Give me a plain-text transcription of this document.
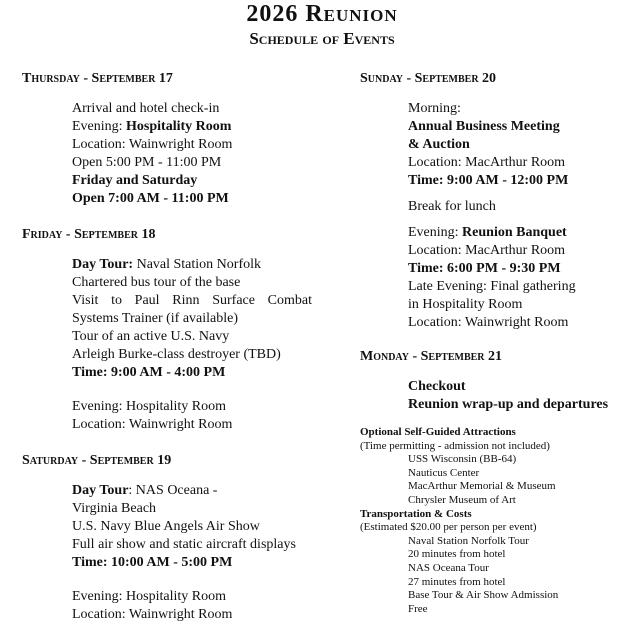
2026 Reunion
Schedule of Events
Thursday - September 17
Arrival and hotel check-in
Evening: Hospitality Room
Location: Wainwright Room
Open 5:00 PM - 11:00 PM
Friday and Saturday
Open 7:00 AM - 11:00 PM
Friday - September 18
Day Tour: Naval Station Norfolk
Chartered bus tour of the base
Visit to Paul Rinn Surface Combat
Systems Trainer (if available)
Tour of an active U.S. Navy
Arleigh Burke-class destroyer (TBD)
Time: 9:00 AM - 4:00 PM
Evening: Hospitality Room
Location: Wainwright Room
Saturday - September 19
Day Tour: NAS Oceana -
Virginia Beach
U.S. Navy Blue Angels Air Show
Full air show and static aircraft displays
Time: 10:00 AM - 5:00 PM
Evening: Hospitality Room
Location: Wainwright Room
Sunday - September 20
Morning:
Annual Business Meeting
& Auction
Location: MacArthur Room
Time: 9:00 AM - 12:00 PM
Break for lunch
Evening: Reunion Banquet
Location: MacArthur Room
Time: 6:00 PM - 9:30 PM
Late Evening: Final gathering
in Hospitality Room
Location: Wainwright Room
Monday - September 21
Checkout
Reunion wrap-up and departures
Optional Self-Guided Attractions
(Time permitting - admission not included)
USS Wisconsin (BB-64)
Nauticus Center
MacArthur Memorial & Museum
Chrysler Museum of Art
Transportation & Costs
(Estimated $20.00 per person per event)
Naval Station Norfolk Tour
20 minutes from hotel
NAS Oceana Tour
27 minutes from hotel
Base Tour & Air Show Admission
Free
